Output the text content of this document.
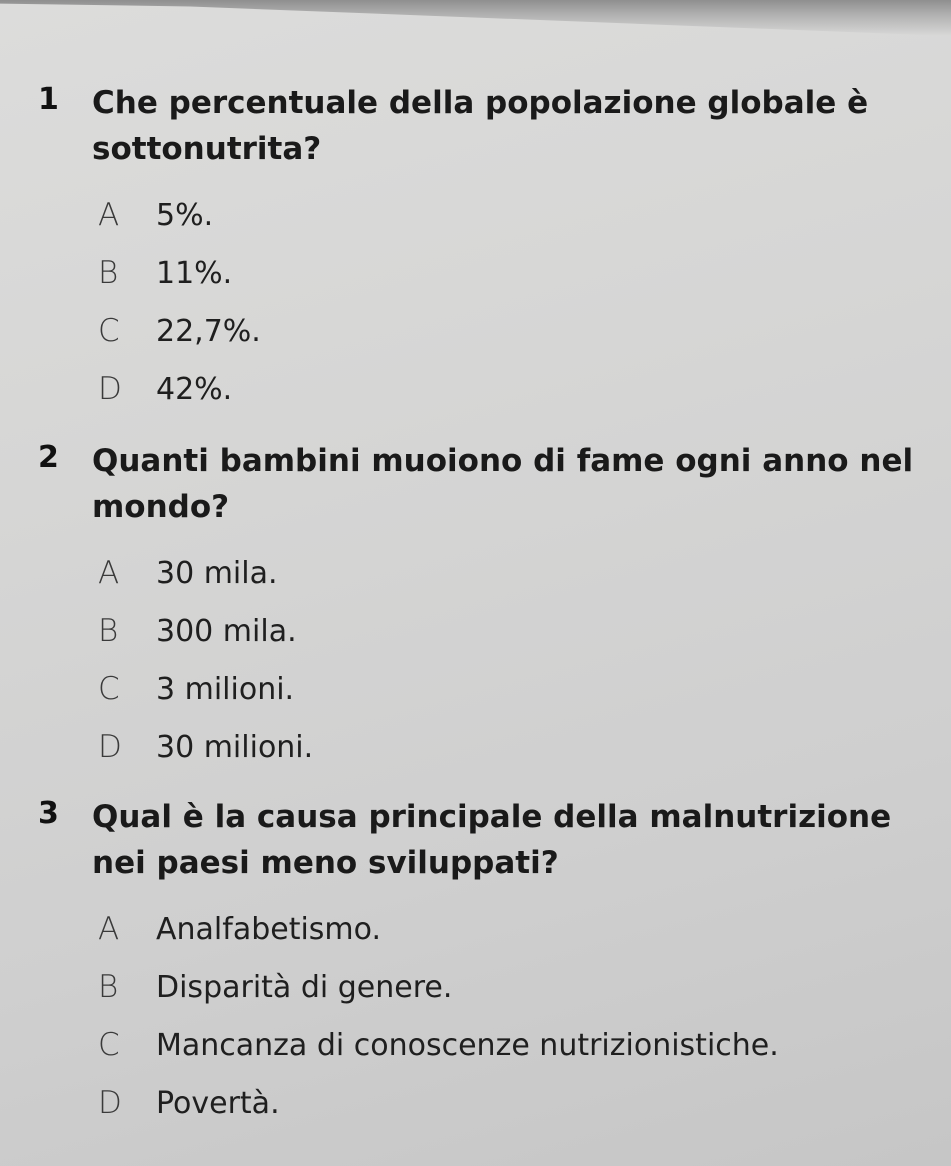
1 Che percentuale della popolazione globale è sottonutrita?
A 5%.
B 11%.
C 22,7%.
D 42%.
2 Quanti bambini muoiono di fame ogni anno nel mondo?
A 30 mila.
B 300 mila.
C 3 milioni.
D 30 milioni.
3 Qual è la causa principale della malnutrizione nei paesi meno sviluppati?
A Analfabetismo.
B Disparità di genere.
C Mancanza di conoscenze nutrizionistiche.
D Povertà.
